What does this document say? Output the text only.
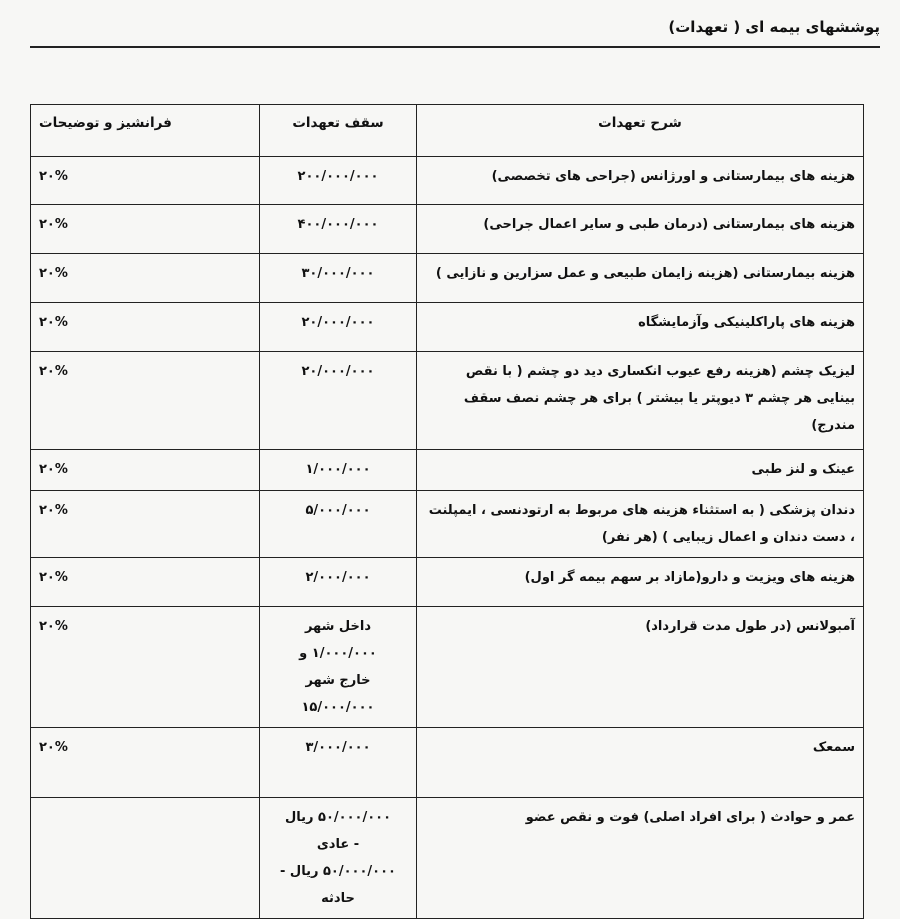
پوششهای بیمه ای ( تعهدات)
شرح تعهدات	سقف تعهدات	فرانشیز و توضیحات
هزینه های بیمارستانی و اورژانس (جراحی های تخصصی)	۲۰۰/۰۰۰/۰۰۰	۲۰%
هزینه های بیمارستانی (درمان طبی و سایر اعمال جراحی)	۴۰۰/۰۰۰/۰۰۰	۲۰%
هزینه بیمارستانی (هزینه زایمان طبیعی و عمل سزارین و نازایی )	۳۰/۰۰۰/۰۰۰	۲۰%
هزینه های پاراکلینیکی وآزمایشگاه	۲۰/۰۰۰/۰۰۰	۲۰%
لیزیک چشم (هزینه رفع عیوب انکساری دید دو چشم ( با نقص بینایی هر چشم ۳ دیوپتر یا بیشتر ) برای هر چشم نصف سقف مندرج)	۲۰/۰۰۰/۰۰۰	۲۰%
عینک و لنز طبی	۱/۰۰۰/۰۰۰	۲۰%
دندان پزشکی ( به استثناء هزینه های مربوط به ارتودنسی ، ایمپلنت ، دست دندان و اعمال زیبایی ) (هر نفر)	۵/۰۰۰/۰۰۰	۲۰%
هزینه های ویزیت و دارو(مازاد بر سهم بیمه گر اول)	۲/۰۰۰/۰۰۰	۲۰%
آمبولانس (در طول مدت قرارداد)	داخل شهر
۱/۰۰۰/۰۰۰ و
خارج شهر
۱۵/۰۰۰/۰۰۰	۲۰%
سمعک	۳/۰۰۰/۰۰۰	۲۰%
عمر و حوادث ( برای افراد اصلی) فوت و نقص عضو	۵۰/۰۰۰/۰۰۰ ریال
- عادی
۵۰/۰۰۰/۰۰۰ ریال -
حادثه	
